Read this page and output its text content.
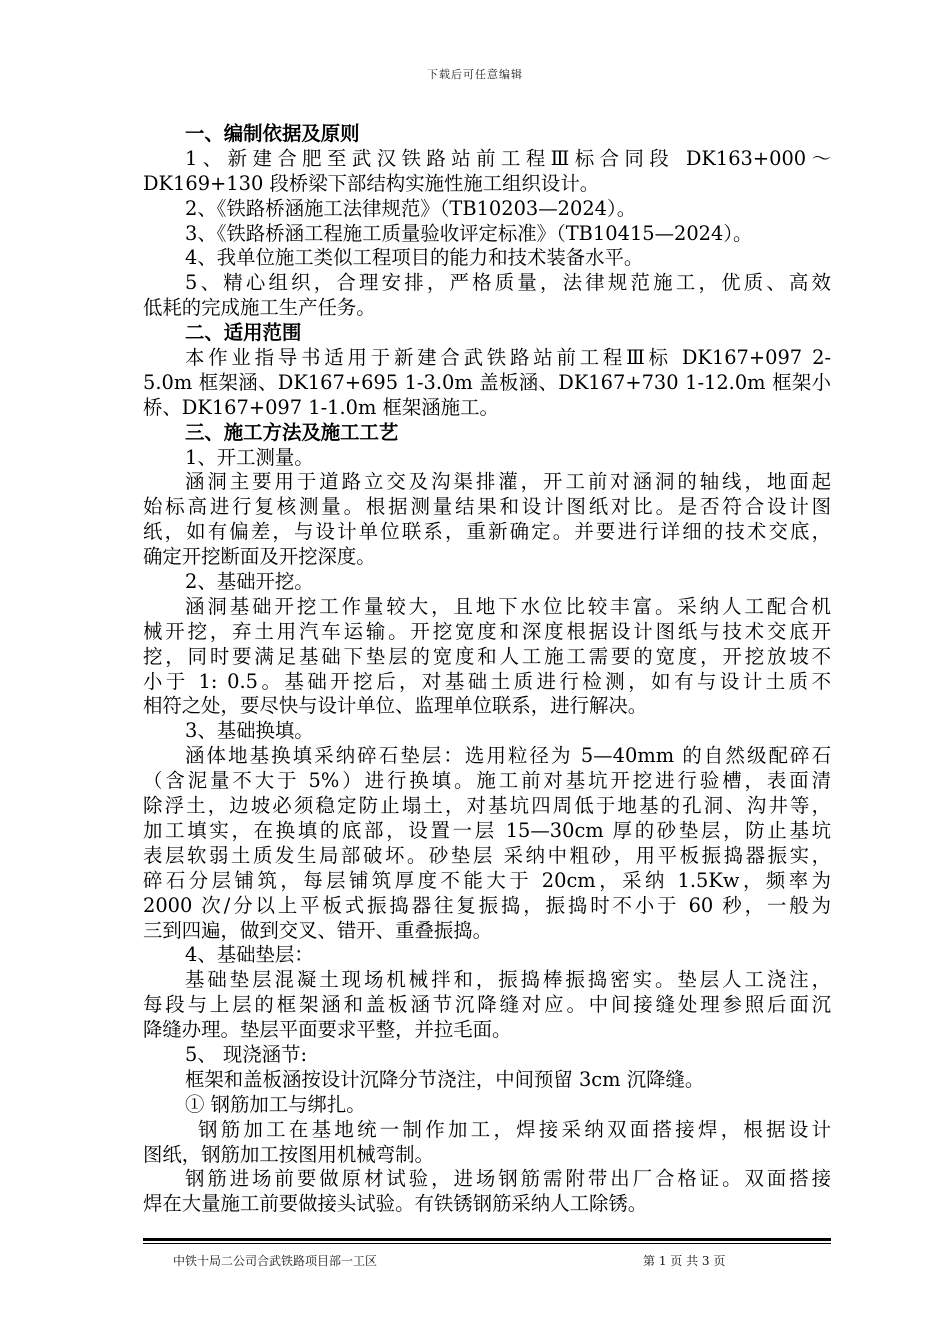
下载后可任意编辑
一、编制依据及原则
1、新建合肥至武汉铁路站前工程Ⅲ标合同段 DK163+000～
DK169+130 段桥梁下部结构实施性施工组织设计。
2、《铁路桥涵施工法律规范》（TB10203—2024）。
3、《铁路桥涵工程施工质量验收评定标准》（TB10415—2024）。
4、我单位施工类似工程项目的能力和技术装备水平。
5、精心组织，合理安排，严格质量，法律规范施工，优质、高效
低耗的完成施工生产任务。
二、适用范围
本作业指导书适用于新建合武铁路站前工程Ⅲ标 DK167+097 2-
5.0m 框架涵、DK167+695 1-3.0m 盖板涵、DK167+730 1-12.0m 框架小
桥、DK167+097 1-1.0m 框架涵施工。
三、施工方法及施工工艺
1、开工测量。
涵洞主要用于道路立交及沟渠排灌，开工前对涵洞的轴线，地面起
始标高进行复核测量。根据测量结果和设计图纸对比。是否符合设计图
纸，如有偏差，与设计单位联系，重新确定。并要进行详细的技术交底，
确定开挖断面及开挖深度。
2、基础开挖。
涵洞基础开挖工作量较大，且地下水位比较丰富。采纳人工配合机
械开挖，弃土用汽车运输。开挖宽度和深度根据设计图纸与技术交底开
挖，同时要满足基础下垫层的宽度和人工施工需要的宽度，开挖放坡不
小于 1: 0.5。基础开挖后，对基础土质进行检测，如有与设计土质不
相符之处，要尽快与设计单位、监理单位联系，进行解决。
3、基础换填。
涵体地基换填采纳碎石垫层：选用粒径为 5—40mm 的自然级配碎石
（含泥量不大于 5%）进行换填。施工前对基坑开挖进行验槽，表面清
除浮土，边坡必须稳定防止塌土，对基坑四周低于地基的孔洞、沟井等，
加工填实，在换填的底部，设置一层 15—30cm 厚的砂垫层，防止基坑
表层软弱土质发生局部破坏。砂垫层 采纳中粗砂，用平板振捣器振实，
碎石分层铺筑，每层铺筑厚度不能大于 20cm，采纳 1.5Kw，频率为
2000 次/分以上平板式振捣器往复振捣，振捣时不小于 60 秒，一般为
三到四遍，做到交叉、错开、重叠振捣。
4、基础垫层：
基础垫层混凝土现场机械拌和，振捣棒振捣密实。垫层人工浇注，
每段与上层的框架涵和盖板涵节沉降缝对应。中间接缝处理参照后面沉
降缝办理。垫层平面要求平整，并拉毛面。
5、 现浇涵节:
框架和盖板涵按设计沉降分节浇注，中间预留 3cm 沉降缝。
① 钢筋加工与绑扎。
钢筋加工在基地统一制作加工，焊接采纳双面搭接焊，根据设计
图纸，钢筋加工按图用机械弯制。
钢筋进场前要做原材试验，进场钢筋需附带出厂合格证。双面搭接
焊在大量施工前要做接头试验。有铁锈钢筋采纳人工除锈。
中铁十局二公司合武铁路项目部一工区	第 1 页 共 3 页
